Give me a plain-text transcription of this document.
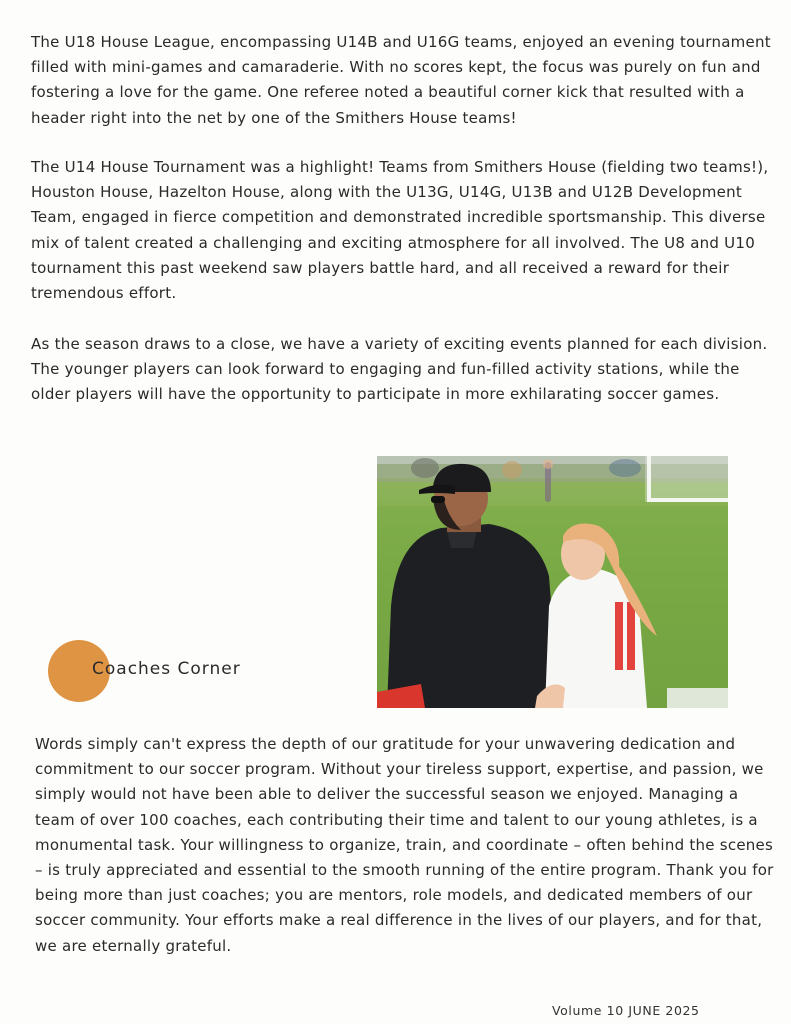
The U18 House League, encompassing U14B and U16G teams, enjoyed an evening tournament filled with mini-games and camaraderie. With no scores kept, the focus was purely on fun and fostering a love for the game. One referee noted a beautiful corner kick that resulted with a header right into the net by one of the Smithers House teams!

The U14 House Tournament was a highlight! Teams from Smithers House (fielding two teams!), Houston House, Hazelton House, along with the U13G, U14G, U13B and U12B Development Team, engaged in fierce competition and demonstrated incredible sportsmanship. This diverse mix of talent created a challenging and exciting atmosphere for all involved. The U8 and U10 tournament this past weekend saw players battle hard, and all received a reward for their tremendous effort.

As the season draws to a close, we have a variety of exciting events planned for each division. The younger players can look forward to engaging and fun-filled activity stations, while the older players will have the opportunity to participate in more exhilarating soccer games.

Coaches Corner

Words simply can't express the depth of our gratitude for your unwavering dedication and commitment to our soccer program. Without your tireless support, expertise, and passion, we simply would not have been able to deliver the successful season we enjoyed. Managing a team of over 100 coaches, each contributing their time and talent to our young athletes, is a monumental task. Your willingness to organize, train, and coordinate – often behind the scenes – is truly appreciated and essential to the smooth running of the entire program. Thank you for being more than just coaches; you are mentors, role models, and dedicated members of our soccer community. Your efforts make a real difference in the lives of our players, and for that, we are eternally grateful.

Volume 10 JUNE 2025
